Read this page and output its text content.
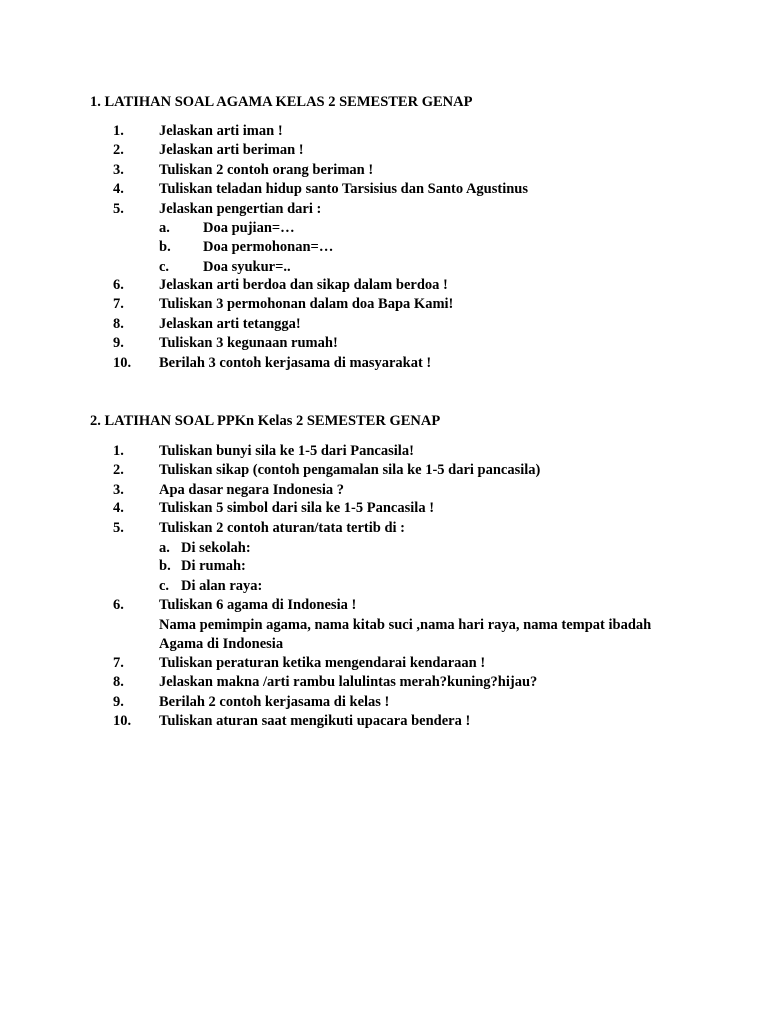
1. LATIHAN SOAL AGAMA KELAS 2 SEMESTER GENAP
1.	Jelaskan arti iman !
2.	Jelaskan arti beriman !
3.	Tuliskan 2 contoh orang beriman !
4.	Tuliskan teladan hidup santo Tarsisius dan Santo Agustinus
5.	Jelaskan pengertian dari :
a. Doa pujian=…
b. Doa permohonan=…
c. Doa syukur=..
6.	Jelaskan arti berdoa dan sikap dalam berdoa !
7.	Tuliskan 3 permohonan dalam doa Bapa Kami!
8.	Jelaskan arti tetangga!
9.	Tuliskan 3 kegunaan rumah!
10.	Berilah 3 contoh kerjasama di masyarakat !
2. LATIHAN SOAL PPKn Kelas 2 SEMESTER GENAP
1.	Tuliskan bunyi sila ke 1-5 dari Pancasila!
2.	Tuliskan sikap (contoh pengamalan sila ke 1-5 dari pancasila)
3.	Apa dasar negara Indonesia ?
4.	Tuliskan 5 simbol dari sila ke 1-5 Pancasila !
5.	Tuliskan 2 contoh aturan/tata tertib di :
a. Di sekolah:
b. Di rumah:
c. Di alan raya:
6.	Tuliskan 6 agama di Indonesia !
Nama pemimpin agama, nama kitab suci ,nama hari raya, nama tempat ibadah
Agama di Indonesia
7.	Tuliskan peraturan ketika mengendarai kendaraan !
8.	Jelaskan makna /arti rambu lalulintas merah?kuning?hijau?
9.	Berilah 2 contoh kerjasama di kelas !
10.	Tuliskan aturan saat mengikuti upacara bendera !
